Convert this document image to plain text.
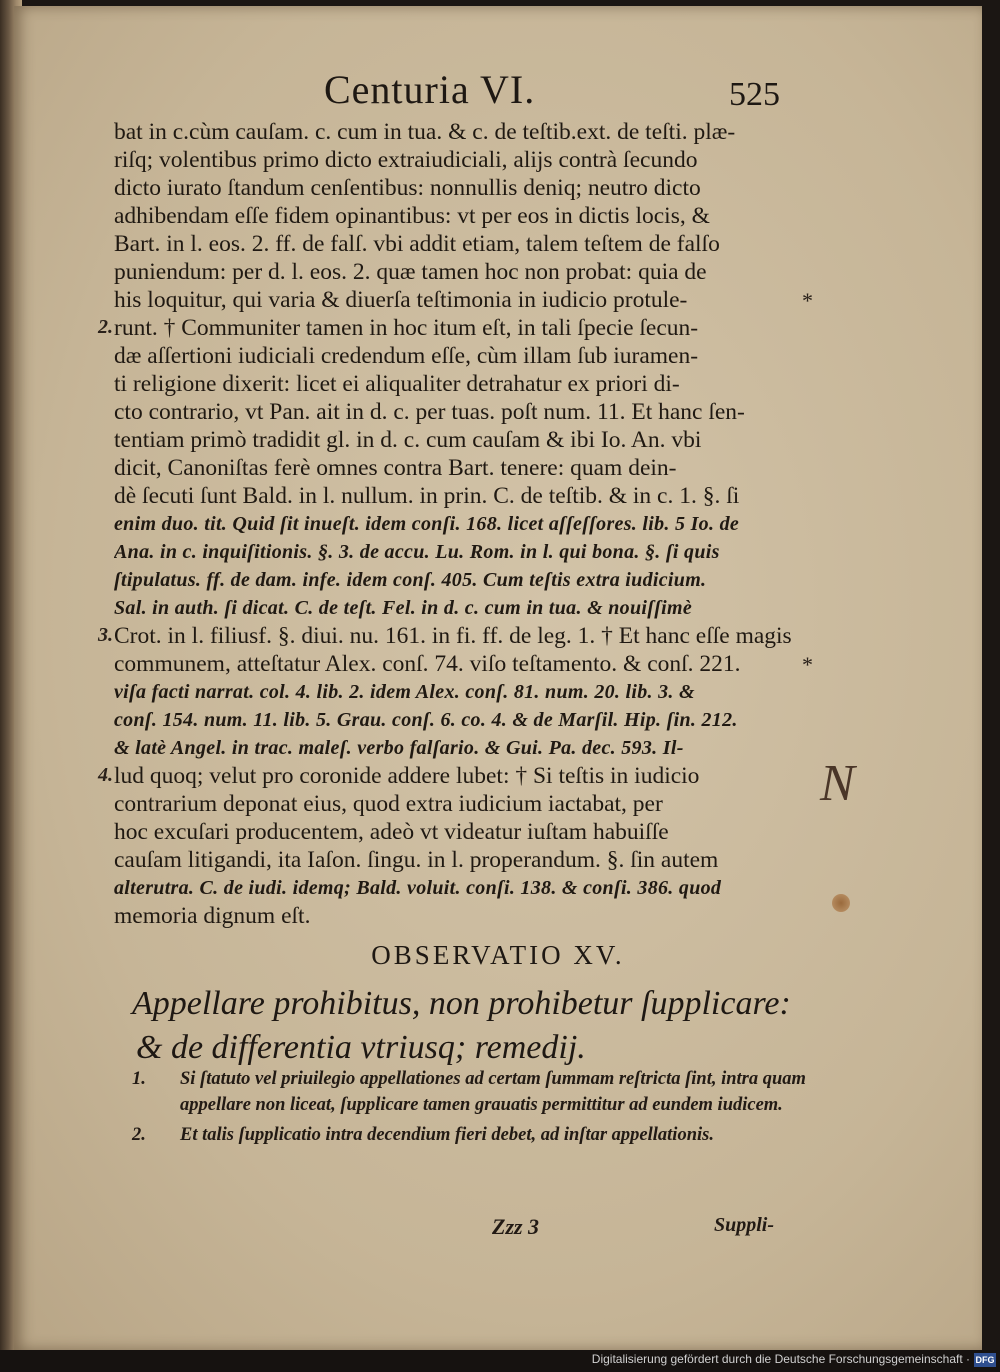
Centuria VI.	525
bat in c.cùm cauſam. c. cum in tua. & c. de teſtib.ext. de teſti. plæ-
riſq; volentibus primo dicto extraiudiciali, alijs contrà ſecundo
dicto iurato ſtandum cenſentibus: nonnullis deniq; neutro dicto
adhibendam eſſe fidem opinantibus: vt per eos in dictis locis, &
Bart. in l. eos. 2. ff. de falſ. vbi addit etiam, talem teſtem de falſo
puniendum: per d. l. eos. 2. quæ tamen hoc non probat: quia de
his loquitur, qui varia & diuerſa teſtimonia in iudicio protule-
runt. † Communiter tamen in hoc itum eſt, in tali ſpecie ſecun-
dæ aſſertioni iudiciali credendum eſſe, cùm illam ſub iuramen-
ti religione dixerit: licet ei aliqualiter detrahatur ex priori di-
cto contrario, vt Pan. ait in d. c. per tuas. poſt num. 11. Et hanc ſen-
tentiam primò tradidit gl. in d. c. cum cauſam & ibi Io. An. vbi
dicit, Canoniſtas ferè omnes contra Bart. tenere: quam dein-
dè ſecuti ſunt Bald. in l. nullum. in prin. C. de teſtib. & in c. 1. §. ſi
enim duo. tit. Quid ſit inueſt. idem conſi. 168. licet aſſeſſores. lib. 5 Io. de
Ana. in c. inquiſitionis. §. 3. de accu. Lu. Rom. in l. qui bona. §. ſi quis
ſtipulatus. ff. de dam. infe. idem conſ. 405. Cum teſtis extra iudicium.
Sal. in auth. ſi dicat. C. de teſt. Fel. in d. c. cum in tua. & nouiſſimè
Crot. in l. filiusf. §. diui. nu. 161. in fi. ff. de leg. 1. † Et hanc eſſe magis
communem, atteſtatur Alex. conſ. 74. viſo teſtamento. & conſ. 221.
viſa facti narrat. col. 4. lib. 2. idem Alex. conſ. 81. num. 20. lib. 3. &
conſ. 154. num. 11. lib. 5. Grau. conſ. 6. co. 4. & de Marſil. Hip. ſin. 212.
& latè Angel. in trac. maleſ. verbo falſario. & Gui. Pa. dec. 593. Il-
lud quoq; velut pro coronide addere lubet: † Si teſtis in iudicio
contrarium deponat eius, quod extra iudicium iactabat, per
hoc excuſari producentem, adeò vt videatur iuſtam habuiſſe
cauſam litigandi, ita Iaſon. ſingu. in l. properandum. §. ſin autem
alterutra. C. de iudi. idemq; Bald. voluit. conſi. 138. & conſi. 386. quod
memoria dignum eſt.
2.
3.
4.
*
*
N
OBSERVATIO XV.
Appellare prohibitus, non prohibetur ſupplicare:
& de differentia vtriusq; remedij.
1. Si ſtatuto vel priuilegio appellationes ad certam ſummam reſtricta ſint, intra quam appellare non liceat, ſupplicare tamen grauatis permittitur ad eundem iudicem.
2. Et talis ſupplicatio intra decendium fieri debet, ad inſtar appellationis.
Zzz 3	Suppli-
Digitalisierung gefördert durch die Deutsche Forschungsgemeinschaft · DFG
